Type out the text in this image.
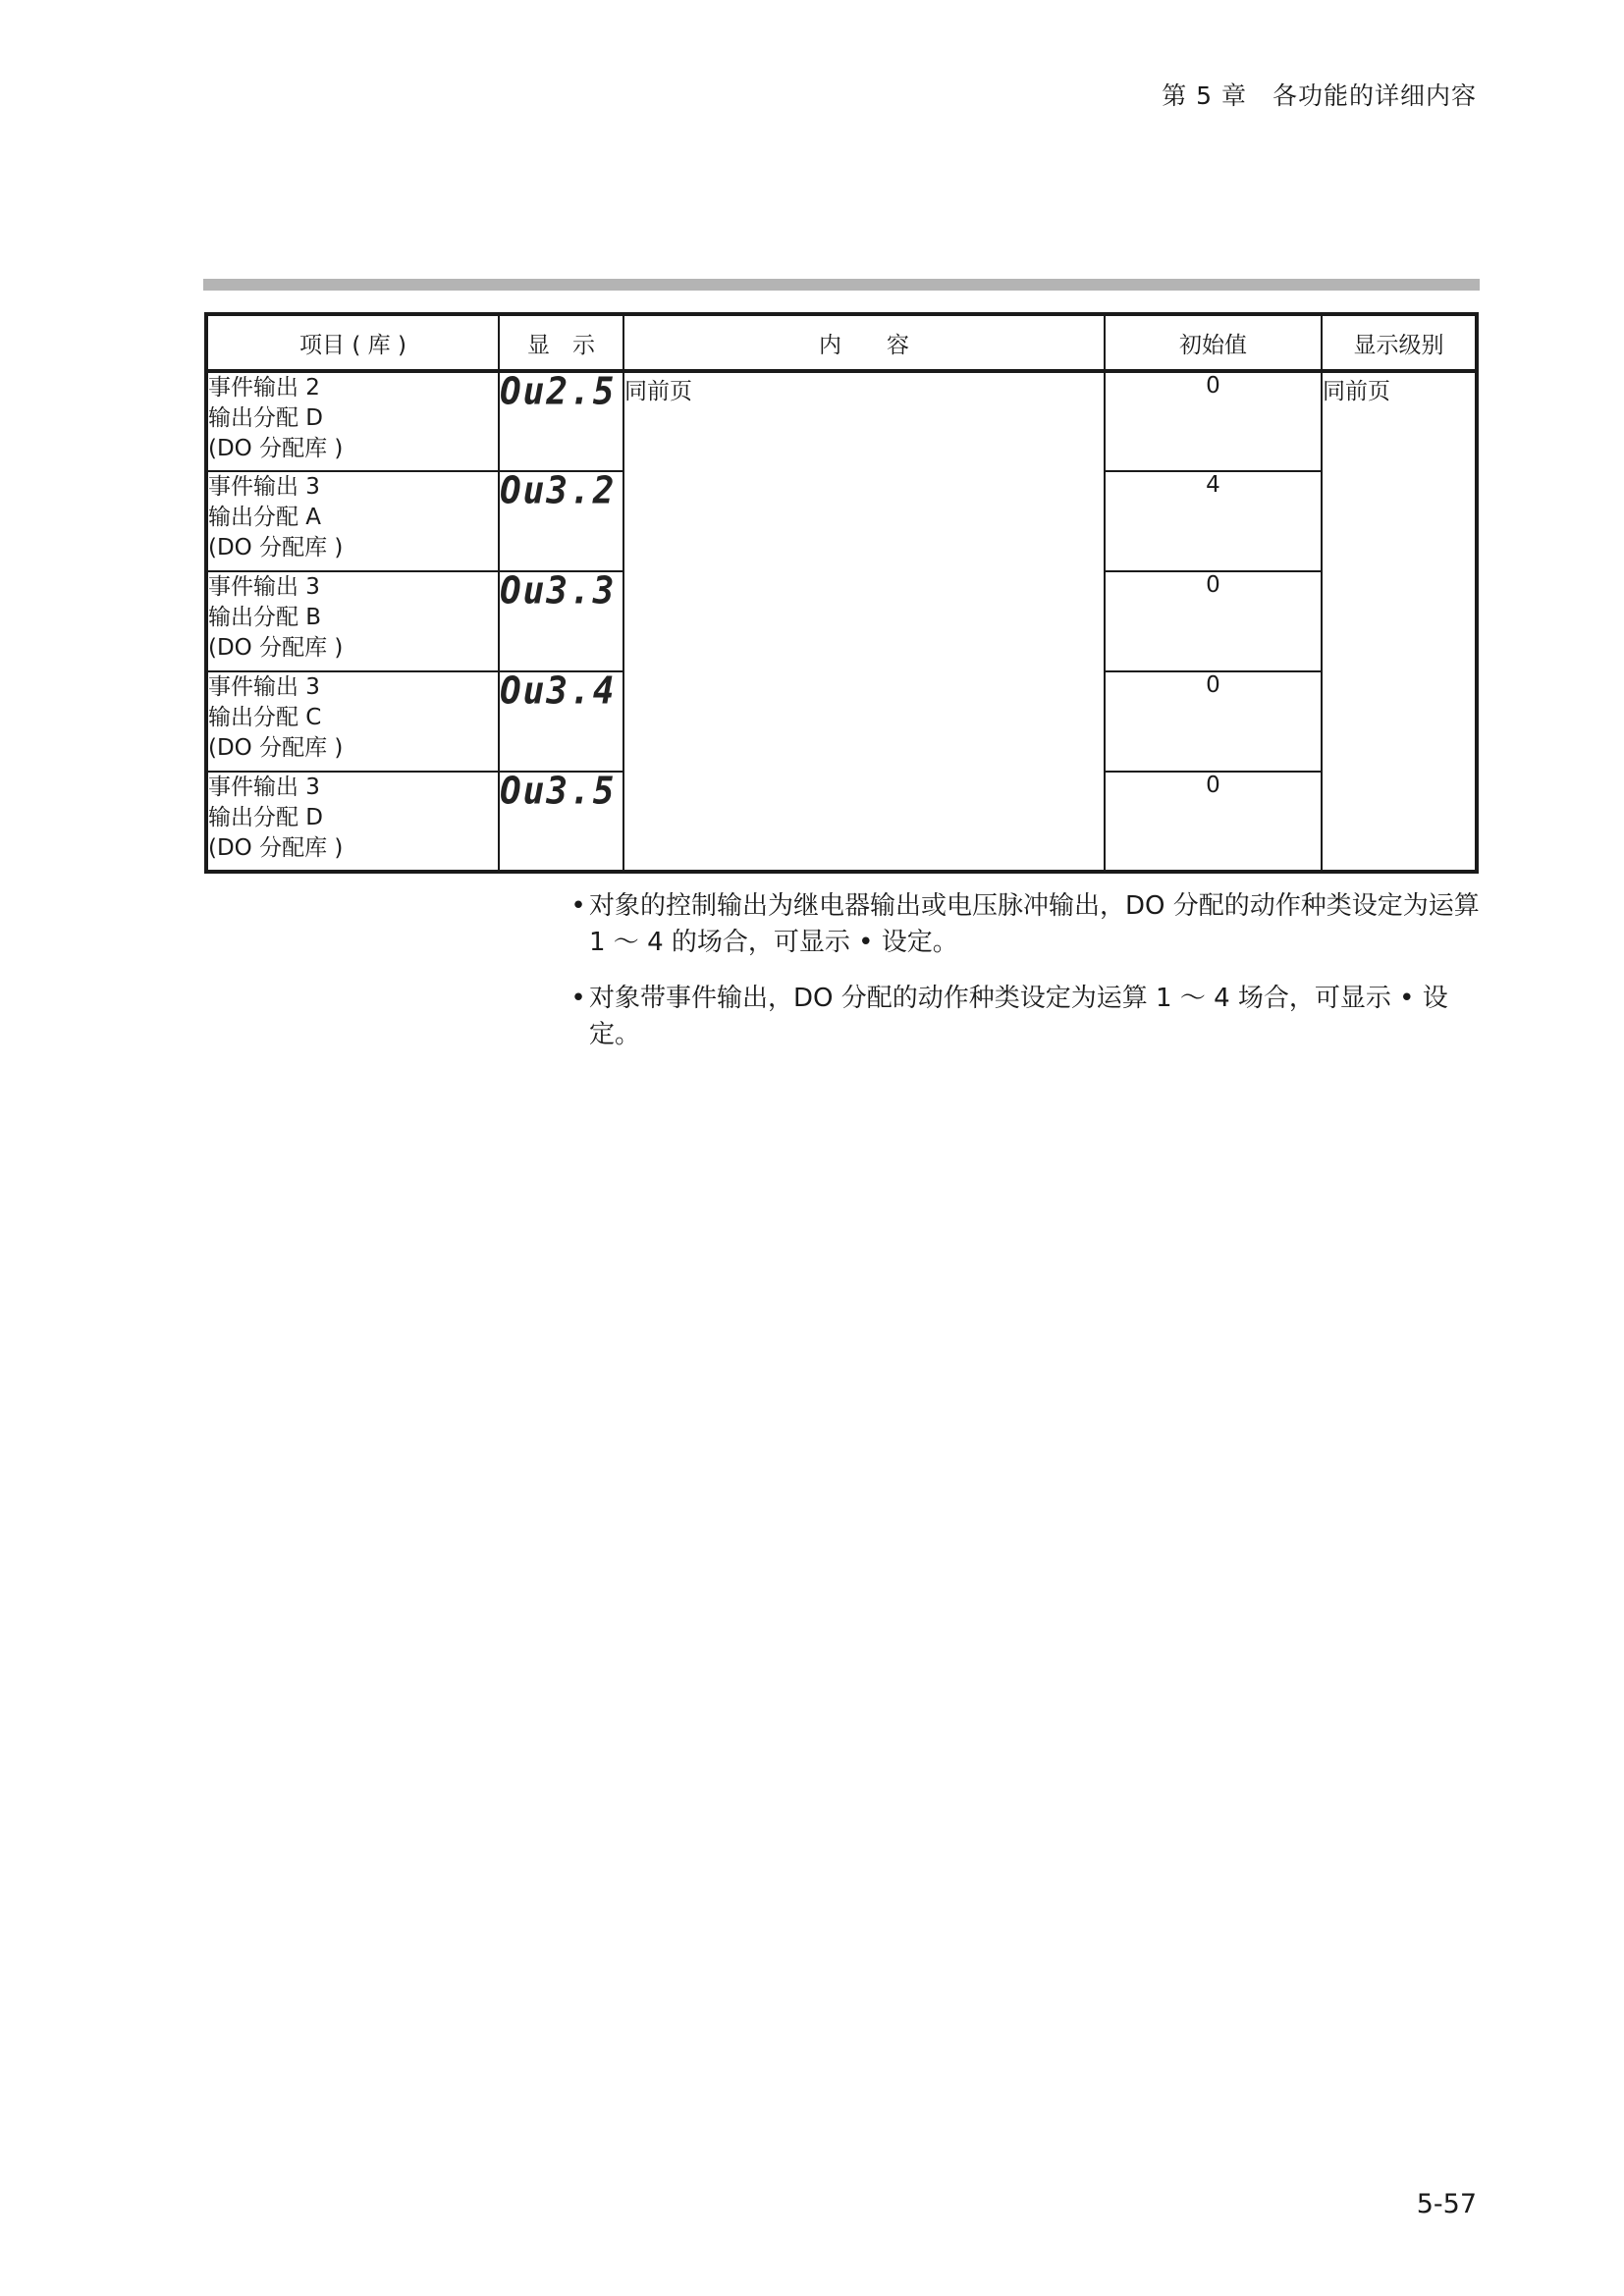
第 5 章　各功能的详细内容
项目 ( 库 )	显　示	内　　容	初始值	显示级别

事件输出 2
输出分配 D
(DO 分配库 )	Ou2.5	同前页	0	同前页

事件输出 3
输出分配 A
(DO 分配库 )	Ou3.2		4	

事件输出 3
输出分配 B
(DO 分配库 )	Ou3.3		0	

事件输出 3
输出分配 C
(DO 分配库 )	Ou3.4		0	

事件输出 3
输出分配 D
(DO 分配库 )	Ou3.5		0	
• 对象的控制输出为继电器输出或电压脉冲输出，DO 分配的动作种类设定为运算 1 ～ 4 的场合，可显示 • 设定。
• 对象带事件输出，DO 分配的动作种类设定为运算 1 ～ 4 场合，可显示 • 设定。
5-57
